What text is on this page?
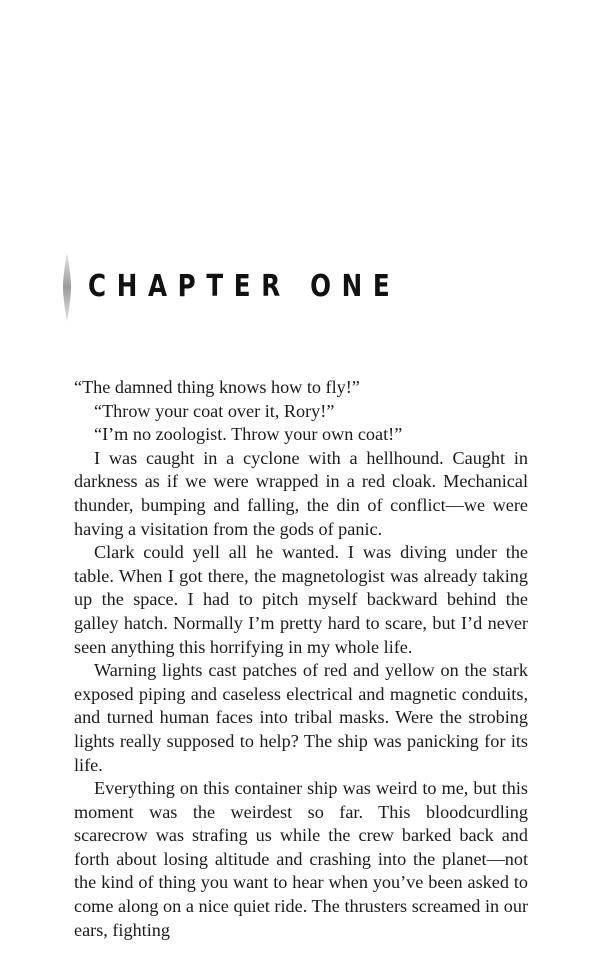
CHAPTER ONE

“The damned thing knows how to fly!”

“Throw your coat over it, Rory!”

“I’m no zoologist. Throw your own coat!”

I was caught in a cyclone with a hellhound. Caught in darkness as if we were wrapped in a red cloak. Mechanical thunder, bumping and falling, the din of conflict—we were having a visitation from the gods of panic.

Clark could yell all he wanted. I was diving under the table. When I got there, the magnetologist was already taking up the space. I had to pitch myself backward behind the galley hatch. Normally I’m pretty hard to scare, but I’d never seen anything this horrifying in my whole life.

Warning lights cast patches of red and yellow on the stark exposed piping and caseless electrical and magnetic conduits, and turned human faces into tribal masks. Were the strobing lights really supposed to help? The ship was panicking for its life.

Everything on this container ship was weird to me, but this moment was the weirdest so far. This bloodcurdling scarecrow was strafing us while the crew barked back and forth about losing altitude and crashing into the planet—not the kind of thing you want to hear when you’ve been asked to come along on a nice quiet ride. The thrusters screamed in our ears, fighting
